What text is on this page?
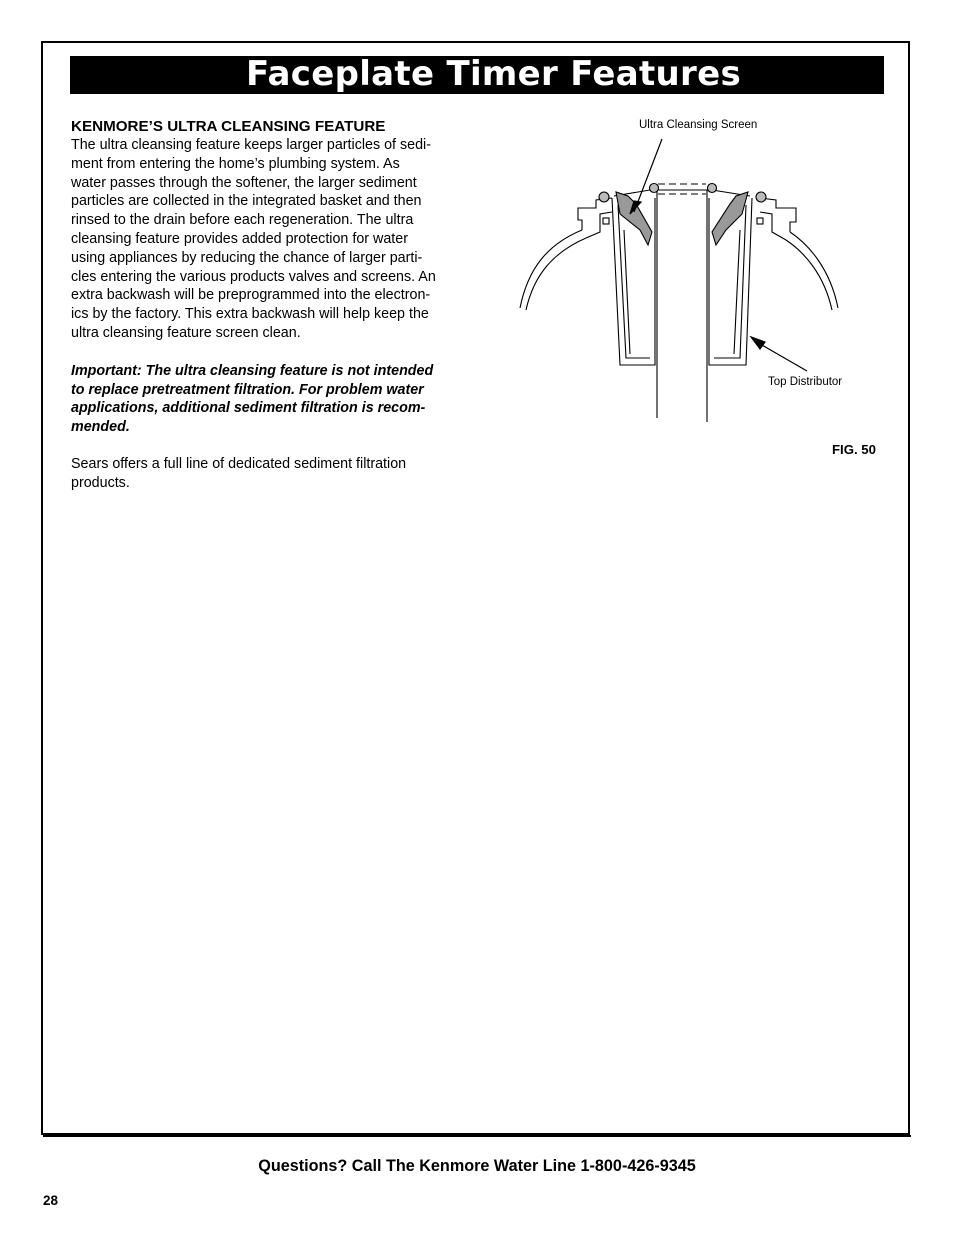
Faceplate Timer Features

KENMORE’S ULTRA CLEANSING FEATURE

The ultra cleansing feature keeps larger particles of sedi-
ment from entering the home’s plumbing system. As
water passes through the softener, the larger sediment
particles are collected in the integrated basket and then
rinsed to the drain before each regeneration. The ultra
cleansing feature provides added protection for water
using appliances by reducing the chance of larger parti-
cles entering the various products valves and screens. An
extra backwash will be preprogrammed into the electron-
ics by the factory. This extra backwash will help keep the
ultra cleansing feature screen clean.

Important: The ultra cleansing feature is not intended
to replace pretreatment filtration. For problem water
applications, additional sediment filtration is recom-
mended.

Sears offers a full line of dedicated sediment filtration
products.

Ultra Cleansing Screen
Top Distributor
FIG. 50
Questions? Call The Kenmore Water Line 1-800-426-9345
28
